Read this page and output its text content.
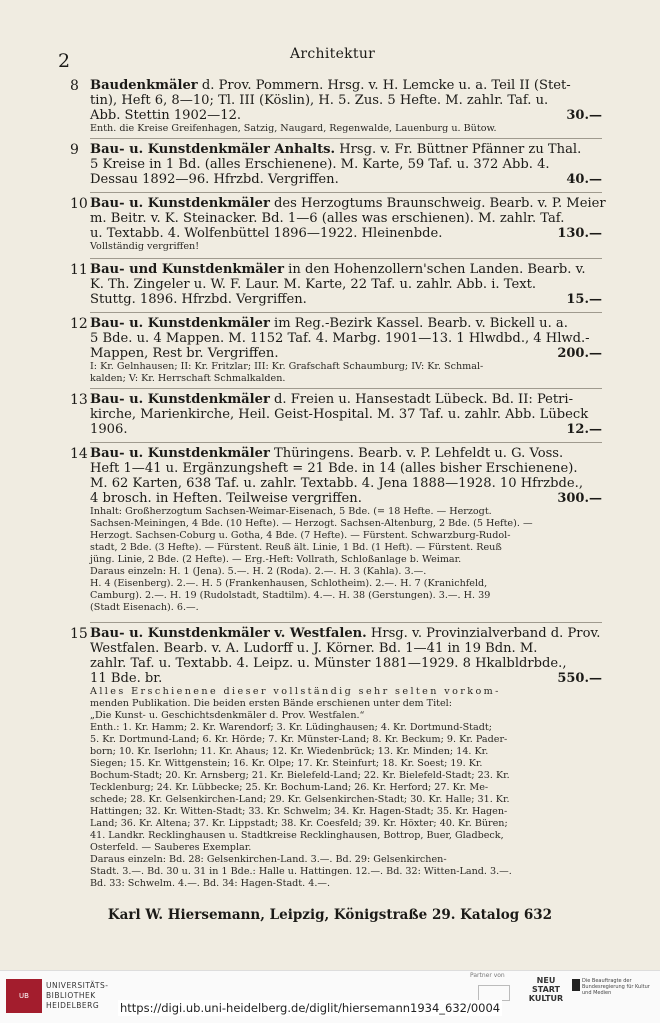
2	Architektur
8 Baudenkmäler d. Prov. Pommern. Hrsg. v. H. Lemcke u. a. Teil II (Stet-
tin), Heft 6, 8—10; Tl. III (Köslin), H. 5. Zus. 5 Hefte. M. zahlr. Taf. u.
Abb. Stettin 1902—12.	30.—
Enth. die Kreise Greifenhagen, Satzig, Naugard, Regenwalde, Lauenburg u. Bütow.
9 Bau- u. Kunstdenkmäler Anhalts. Hrsg. v. Fr. Büttner Pfänner zu Thal.
5 Kreise in 1 Bd. (alles Erschienene). M. Karte, 59 Taf. u. 372 Abb. 4.
Dessau 1892—96. Hfrzbd. Vergriffen.	40.—
10 Bau- u. Kunstdenkmäler des Herzogtums Braunschweig. Bearb. v. P. Meier
m. Beitr. v. K. Steinacker. Bd. 1—6 (alles was erschienen). M. zahlr. Taf.
u. Textabb. 4. Wolfenbüttel 1896—1922. Hleinenbde.	130.—
Vollständig vergriffen!
11 Bau- und Kunstdenkmäler in den Hohenzollern'schen Landen. Bearb. v.
K. Th. Zingeler u. W. F. Laur. M. Karte, 22 Taf. u. zahlr. Abb. i. Text.
Stuttg. 1896. Hfrzbd. Vergriffen.	15.—
12 Bau- u. Kunstdenkmäler im Reg.-Bezirk Kassel. Bearb. v. Bickell u. a.
5 Bde. u. 4 Mappen. M. 1152 Taf. 4. Marbg. 1901—13. 1 Hlwdbd., 4 Hlwd.-
Mappen, Rest br. Vergriffen.	200.—
I: Kr. Gelnhausen; II: Kr. Fritzlar; III: Kr. Grafschaft Schaumburg; IV: Kr. Schmal-
kalden; V: Kr. Herrschaft Schmalkalden.
13 Bau- u. Kunstdenkmäler d. Freien u. Hansestadt Lübeck. Bd. II: Petri-
kirche, Marienkirche, Heil. Geist-Hospital. M. 37 Taf. u. zahlr. Abb. Lübeck
1906.	12.—
14 Bau- u. Kunstdenkmäler Thüringens. Bearb. v. P. Lehfeldt u. G. Voss.
Heft 1—41 u. Ergänzungsheft = 21 Bde. in 14 (alles bisher Erschienene).
M. 62 Karten, 638 Taf. u. zahlr. Textabb. 4. Jena 1888—1928. 10 Hfrzbde.,
4 brosch. in Heften. Teilweise vergriffen.	300.—
Inhalt: Großherzogtum Sachsen-Weimar-Eisenach, 5 Bde. (= 18 Hefte. — Herzogt.
Sachsen-Meiningen, 4 Bde. (10 Hefte). — Herzogt. Sachsen-Altenburg, 2 Bde. (5 Hefte). —
Herzogt. Sachsen-Coburg u. Gotha, 4 Bde. (7 Hefte). — Fürstent. Schwarzburg-Rudol-
stadt, 2 Bde. (3 Hefte). — Fürstent. Reuß ält. Linie, 1 Bd. (1 Heft). — Fürstent. Reuß
jüng. Linie, 2 Bde. (2 Hefte). — Erg.-Heft: Vollrath, Schloßanlage b. Weimar.
Daraus einzeln: H. 1 (Jena). 5.—. H. 2 (Roda). 2.—. H. 3 (Kahla). 3.—.
H. 4 (Eisenberg). 2.—. H. 5 (Frankenhausen, Schlotheim). 2.—. H. 7 (Kranichfeld,
Camburg). 2.—. H. 19 (Rudolstadt, Stadtilm). 4.—. H. 38 (Gerstungen). 3.—. H. 39
(Stadt Eisenach). 6.—.
15 Bau- u. Kunstdenkmäler v. Westfalen. Hrsg. v. Provinzialverband d. Prov.
Westfalen. Bearb. v. A. Ludorff u. J. Körner. Bd. 1—41 in 19 Bdn. M.
zahlr. Taf. u. Textabb. 4. Leipz. u. Münster 1881—1929. 8 Hkalbldrbde.,
11 Bde. br.	550.—
Alles Erschienene dieser vollständig sehr selten vorkom-
menden Publikation. Die beiden ersten Bände erschienen unter dem Titel:
„Die Kunst- u. Geschichtsdenkmäler d. Prov. Westfalen.“
Enth.: 1. Kr. Hamm; 2. Kr. Warendorf; 3. Kr. Lüdinghausen; 4. Kr. Dortmund-Stadt;
5. Kr. Dortmund-Land; 6. Kr. Hörde; 7. Kr. Münster-Land; 8. Kr. Beckum; 9. Kr. Pader-
born; 10. Kr. Iserlohn; 11. Kr. Ahaus; 12. Kr. Wiedenbrück; 13. Kr. Minden; 14. Kr.
Siegen; 15. Kr. Wittgenstein; 16. Kr. Olpe; 17. Kr. Steinfurt; 18. Kr. Soest; 19. Kr.
Bochum-Stadt; 20. Kr. Arnsberg; 21. Kr. Bielefeld-Land; 22. Kr. Bielefeld-Stadt; 23. Kr.
Tecklenburg; 24. Kr. Lübbecke; 25. Kr. Bochum-Land; 26. Kr. Herford; 27. Kr. Me-
schede; 28. Kr. Gelsenkirchen-Land; 29. Kr. Gelsenkirchen-Stadt; 30. Kr. Halle; 31. Kr.
Hattingen; 32. Kr. Witten-Stadt; 33. Kr. Schwelm; 34. Kr. Hagen-Stadt; 35. Kr. Hagen-
Land; 36. Kr. Altena; 37. Kr. Lippstadt; 38. Kr. Coesfeld; 39. Kr. Höxter; 40. Kr. Büren;
41. Landkr. Recklinghausen u. Stadtkreise Recklinghausen, Bottrop, Buer, Gladbeck,
Osterfeld. — Sauberes Exemplar.
Daraus einzeln: Bd. 28: Gelsenkirchen-Land. 3.—. Bd. 29: Gelsenkirchen-
Stadt. 3.—. Bd. 30 u. 31 in 1 Bde.: Halle u. Hattingen. 12.—. Bd. 32: Witten-Land. 3.—.
Bd. 33: Schwelm. 4.—. Bd. 34: Hagen-Stadt. 4.—.
Karl W. Hiersemann, Leipzig, Königstraße 29. Katalog 632
UB
UNIVERSITÄTS-
BIBLIOTHEK
HEIDELBERG
Partner von
NEU
START
KULTUR
Die Beauftragte der Bundesregierung für Kultur und Medien
https://digi.ub.uni-heidelberg.de/diglit/hiersemann1934_632/0004
